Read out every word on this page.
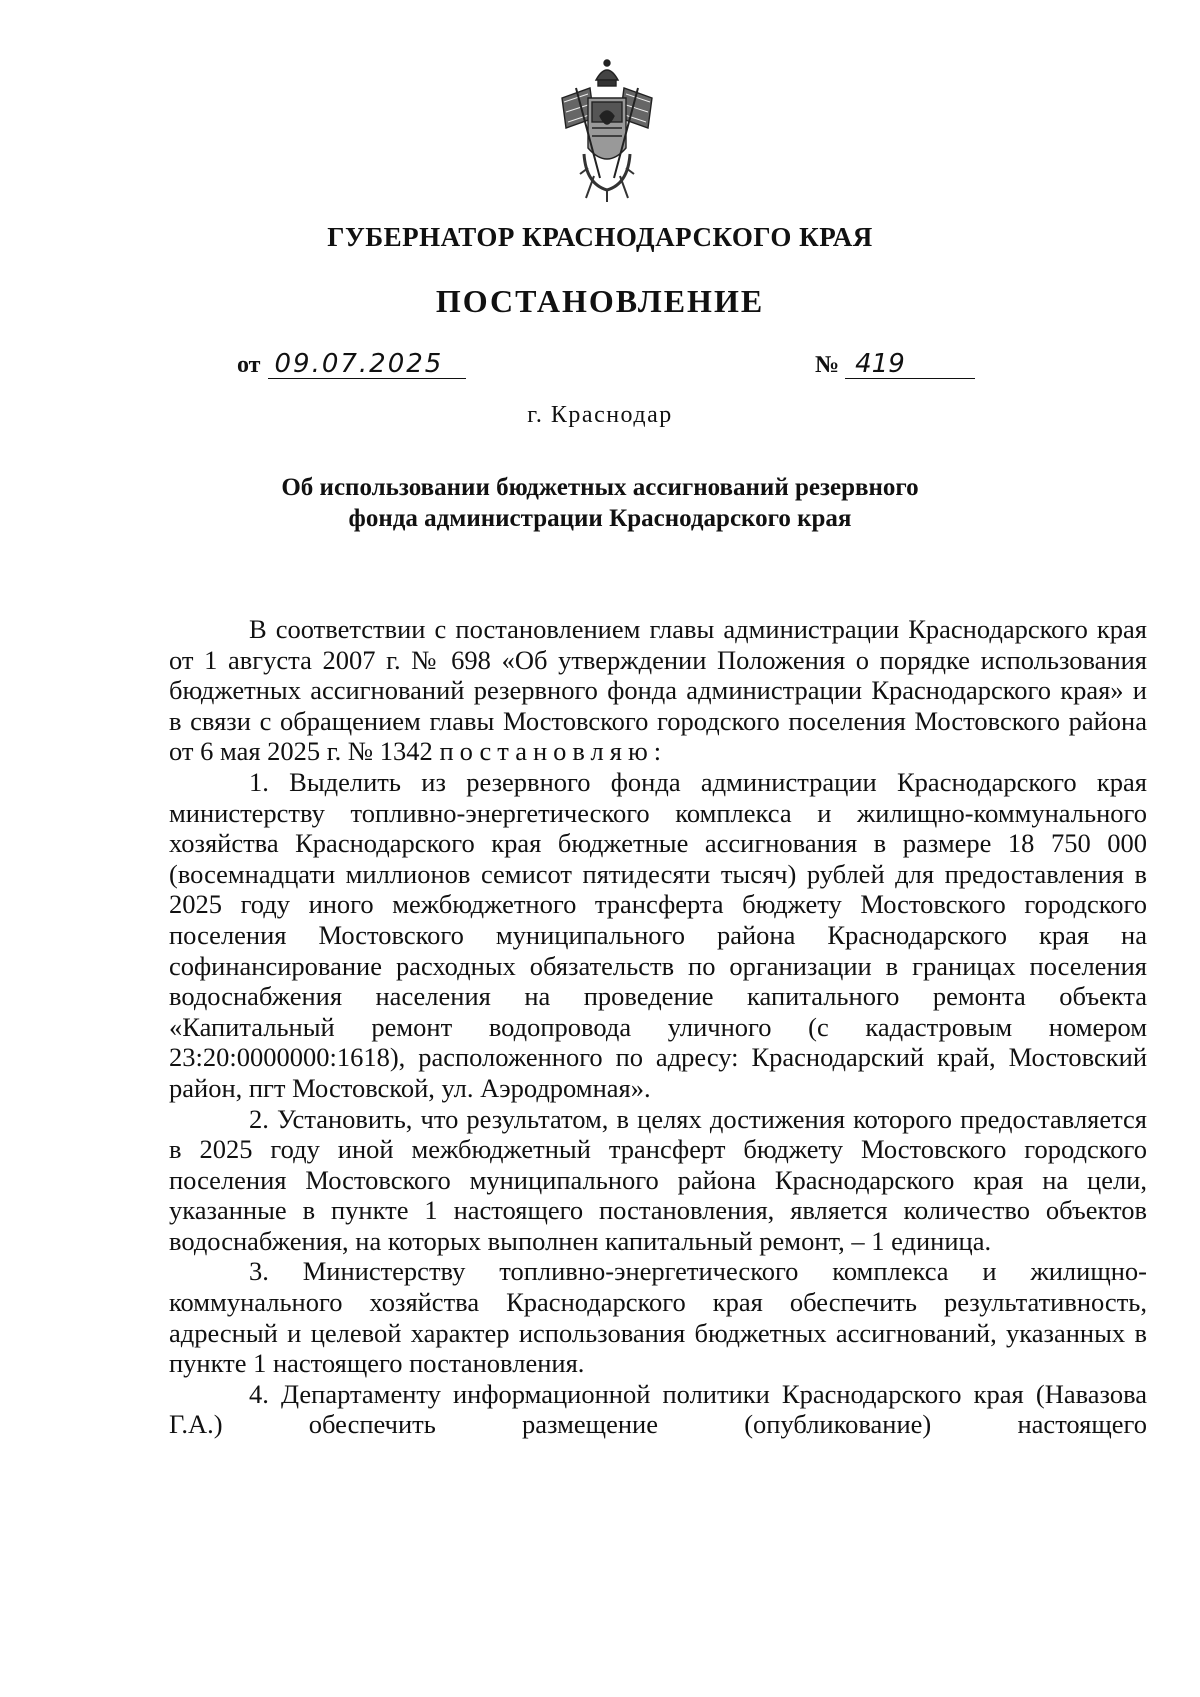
ГУБЕРНАТОР КРАСНОДАРСКОГО КРАЯ
ПОСТАНОВЛЕНИЕ
от 09.07.2025	№ 419
г. Краснодар
Об использовании бюджетных ассигнований резервного
фонда администрации Краснодарского края

В соответствии с постановлением главы администрации Краснодарского края от 1 августа 2007 г. № 698 «Об утверждении Положения о порядке использования бюджетных ассигнований резервного фонда администрации Краснодарского края» и в связи с обращением главы Мостовского городского поселения Мостовского района от 6 мая 2025 г. № 1342 постановляю:

1. Выделить из резервного фонда администрации Краснодарского края министерству топливно-энергетического комплекса и жилищно-коммунального хозяйства Краснодарского края бюджетные ассигнования в размере 18 750 000 (восемнадцати миллионов семисот пятидесяти тысяч) рублей для предоставления в 2025 году иного межбюджетного трансферта бюджету Мостовского городского поселения Мостовского муниципального района Краснодарского края на софинансирование расходных обязательств по организации в границах поселения водоснабжения населения на проведение капитального ремонта объекта «Капитальный ремонт водопровода уличного (с кадастровым номером 23:20:0000000:1618), расположенного по адресу: Краснодарский край, Мостовский район, пгт Мостовской, ул. Аэродромная».

2. Установить, что результатом, в целях достижения которого предоставляется в 2025 году иной межбюджетный трансферт бюджету Мостовского городского поселения Мостовского муниципального района Краснодарского края на цели, указанные в пункте 1 настоящего постановления, является количество объектов водоснабжения, на которых выполнен капитальный ремонт, – 1 единица.

3. Министерству топливно-энергетического комплекса и жилищно-коммунального хозяйства Краснодарского края обеспечить результативность, адресный и целевой характер использования бюджетных ассигнований, указанных в пункте 1 настоящего постановления.

4. Департаменту информационной политики Краснодарского края (Навазова Г.А.) обеспечить размещение (опубликование) настоящего
